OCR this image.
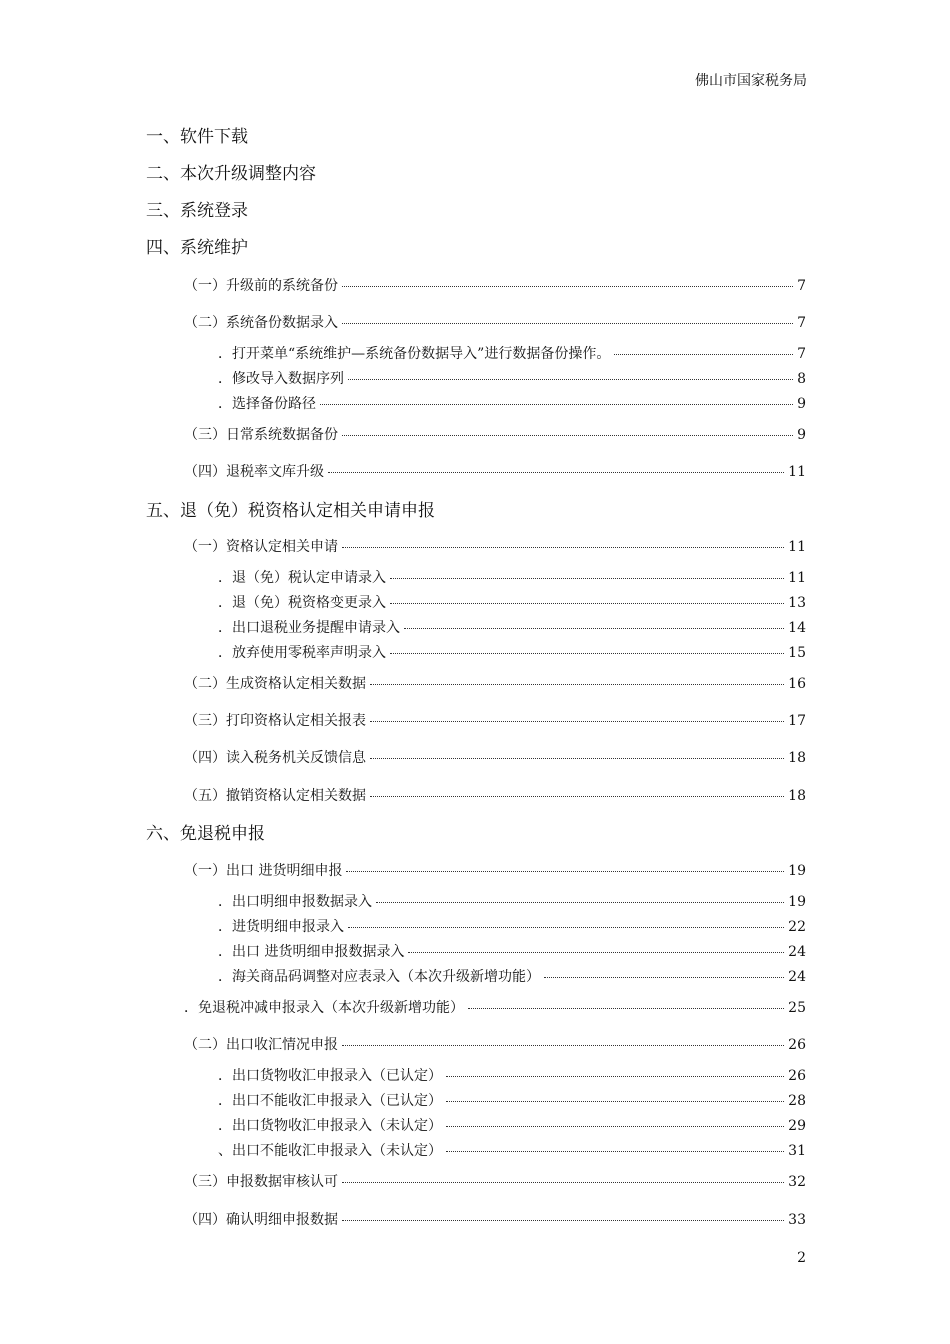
佛山市国家税务局
一、软件下载
二、本次升级调整内容
三、系统登录
四、系统维护
（一）升级前的系统备份	7
（二）系统备份数据录入	7
．打开菜单“系统维护—系统备份数据导入”进行数据备份操作。	7
．修改导入数据序列	8
．选择备份路径	9
（三）日常系统数据备份	9
（四）退税率文库升级	11
五、退（免）税资格认定相关申请申报
（一）资格认定相关申请	11
．退（免）税认定申请录入	11
．退（免）税资格变更录入	13
．出口退税业务提醒申请录入	14
．放弃使用零税率声明录入	15
（二）生成资格认定相关数据	16
（三）打印资格认定相关报表	17
（四）读入税务机关反馈信息	18
（五）撤销资格认定相关数据	18
六、免退税申报
（一）出口 进货明细申报	19
．出口明细申报数据录入	19
．进货明细申报录入	22
．出口 进货明细申报数据录入	24
．海关商品码调整对应表录入（本次升级新增功能）	24
．免退税冲减申报录入（本次升级新增功能）	25
（二）出口收汇情况申报	26
．出口货物收汇申报录入（已认定）	26
．出口不能收汇申报录入（已认定）	28
．出口货物收汇申报录入（未认定）	29
、出口不能收汇申报录入（未认定）	31
（三）申报数据审核认可	32
（四）确认明细申报数据	33
2
